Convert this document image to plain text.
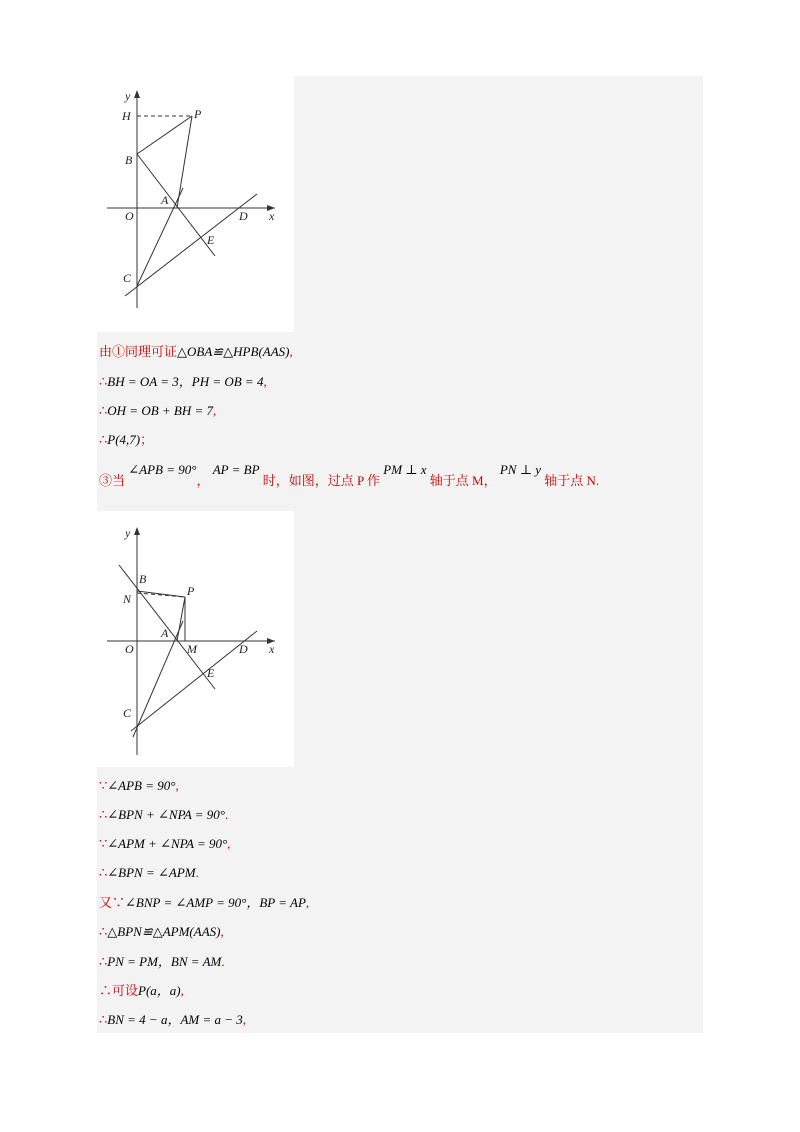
y
x
H	P
B
A
O	D
E
C
由①同理可证△OBA≌△HPB(AAS),
∴BH = OA = 3，PH = OB = 4,
∴OH = OB + BH = 7,
∴P(4,7)；
③当 ∠APB = 90°， AP = BP 时，如图，过点 P 作 PM ⊥ x 轴于点 M， PN ⊥ y 轴于点 N.
y
x
B
N
P
A
M
O	D
E
C
∵∠APB = 90°,
∴∠BPN + ∠NPA = 90°.
∵∠APM + ∠NPA = 90°,
∴∠BPN = ∠APM.
又∵∠BNP = ∠AMP = 90°，BP = AP,
∴△BPN≌△APM(AAS),
∴PN = PM，BN = AM.
∴可设P(a，a),
∴BN = 4 − a，AM = a − 3,
